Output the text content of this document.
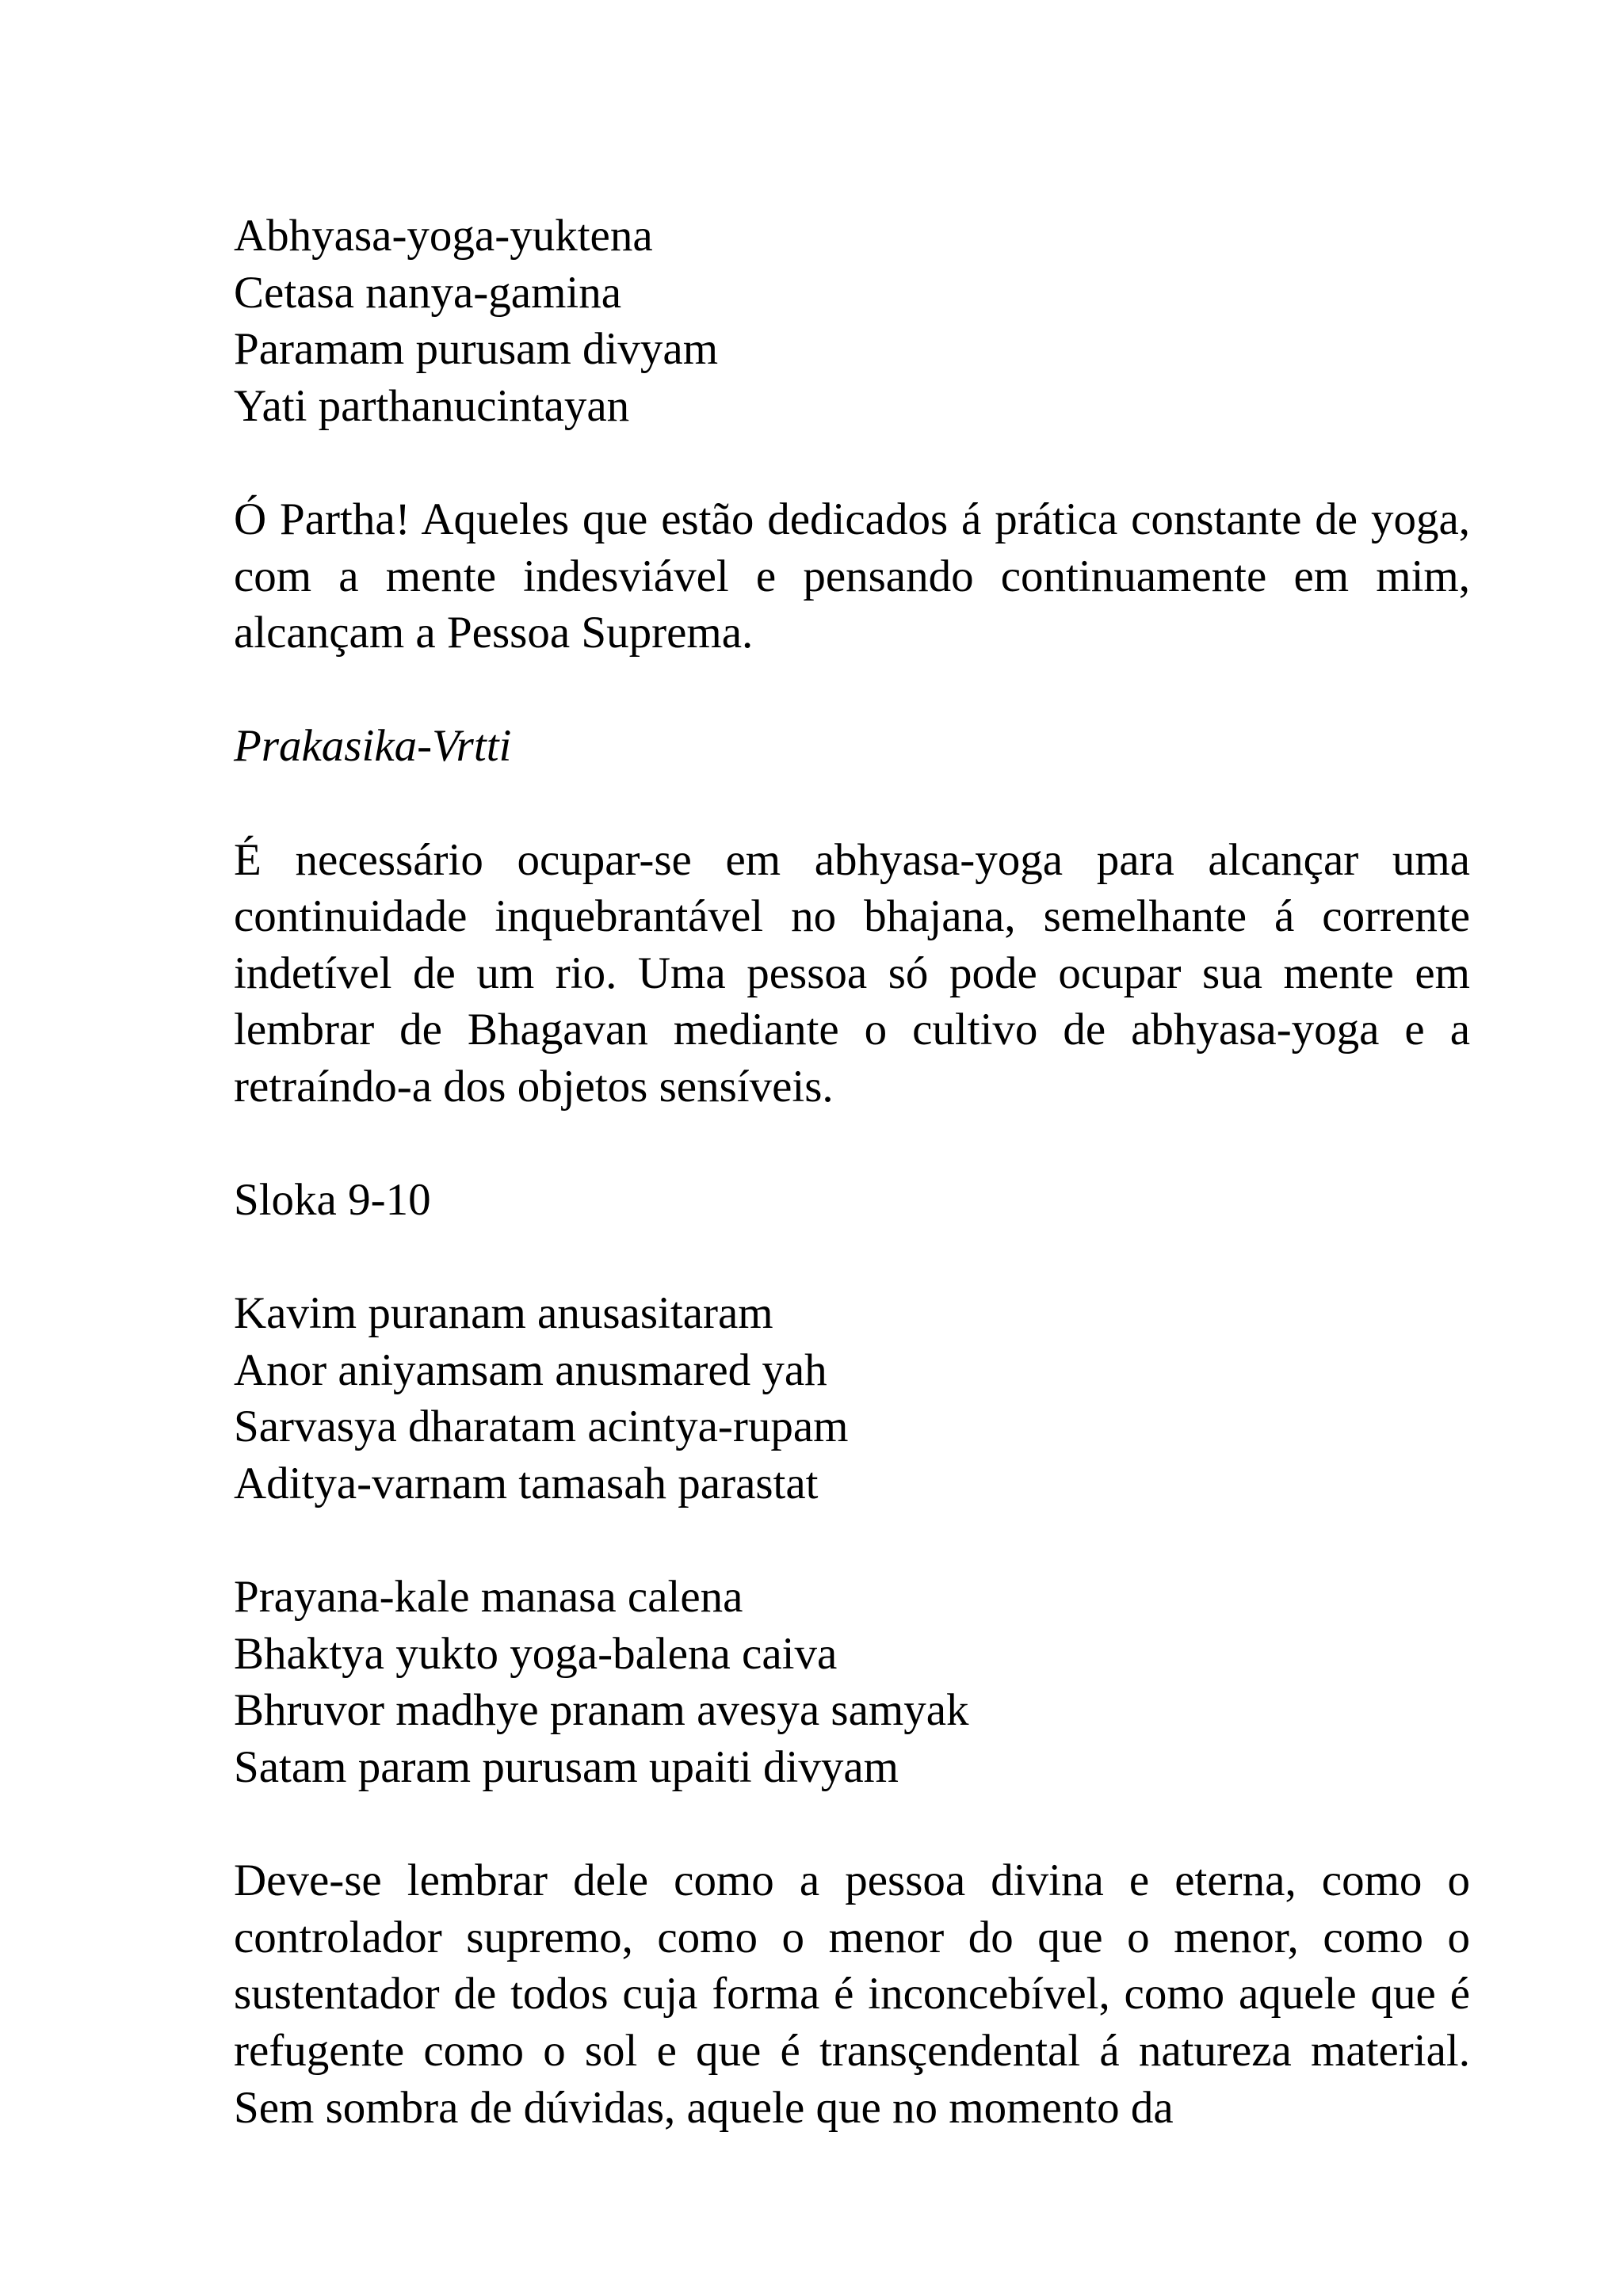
Abhyasa-yoga-yuktena
Cetasa nanya-gamina
Paramam purusam divyam
Yati parthanucintayan
Ó Partha! Aqueles que estão dedicados á prática constante de yoga, com a mente indesviável e pensando continuamente em mim, alcançam a Pessoa Suprema.
Prakasika-Vrtti
É necessário ocupar-se em abhyasa-yoga para alcançar uma continuidade inquebrantável no bhajana, semelhante á corrente indetível de um rio. Uma pessoa só pode ocupar sua mente em lembrar de Bhagavan mediante o cultivo de abhyasa-yoga e a retraíndo-a dos objetos sensíveis.
Sloka 9-10
Kavim puranam anusasitaram
Anor aniyamsam anusmared yah
Sarvasya dharatam acintya-rupam
Aditya-varnam tamasah parastat
Prayana-kale manasa calena
Bhaktya yukto yoga-balena caiva
Bhruvor madhye pranam avesya samyak
Satam param purusam upaiti divyam
Deve-se lembrar dele como a pessoa divina e eterna, como o controlador supremo, como o menor do que o menor, como o sustentador de todos cuja forma é inconcebível, como aquele que é refugente como o sol e que é transçendental á natureza material. Sem sombra de dúvidas, aquele que no momento da
